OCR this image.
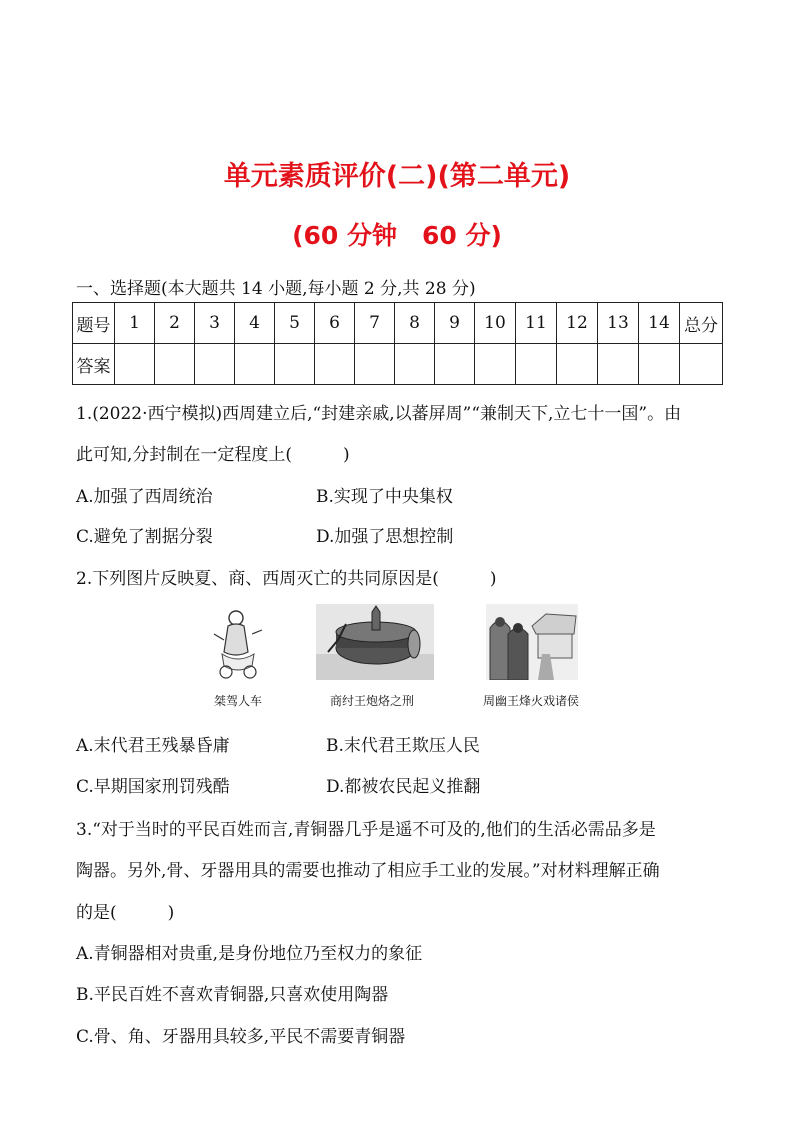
单元素质评价(二)(第二单元)
(60 分钟　60 分)
一、选择题(本大题共 14 小题,每小题 2 分,共 28 分)
题号	1	2	3	4	5	6	7	8	9	10	11	12	13	14	总分
答案															
1.(2022·西宁模拟)西周建立后,“封建亲戚,以蕃屏周”“兼制天下,立七十一国”。由
此可知,分封制在一定程度上(　　　)
A.加强了西周统治	B.实现了中央集权
C.避免了割据分裂	D.加强了思想控制
2.下列图片反映夏、商、西周灭亡的共同原因是(　　　)
桀驾人车	商纣王炮烙之刑	周幽王烽火戏诸侯
A.末代君王残暴昏庸	B.末代君王欺压人民
C.早期国家刑罚残酷	D.都被农民起义推翻
3.“对于当时的平民百姓而言,青铜器几乎是遥不可及的,他们的生活必需品多是
陶器。另外,骨、牙器用具的需要也推动了相应手工业的发展。”对材料理解正确
的是(　　　)
A.青铜器相对贵重,是身份地位乃至权力的象征
B.平民百姓不喜欢青铜器,只喜欢使用陶器
C.骨、角、牙器用具较多,平民不需要青铜器
